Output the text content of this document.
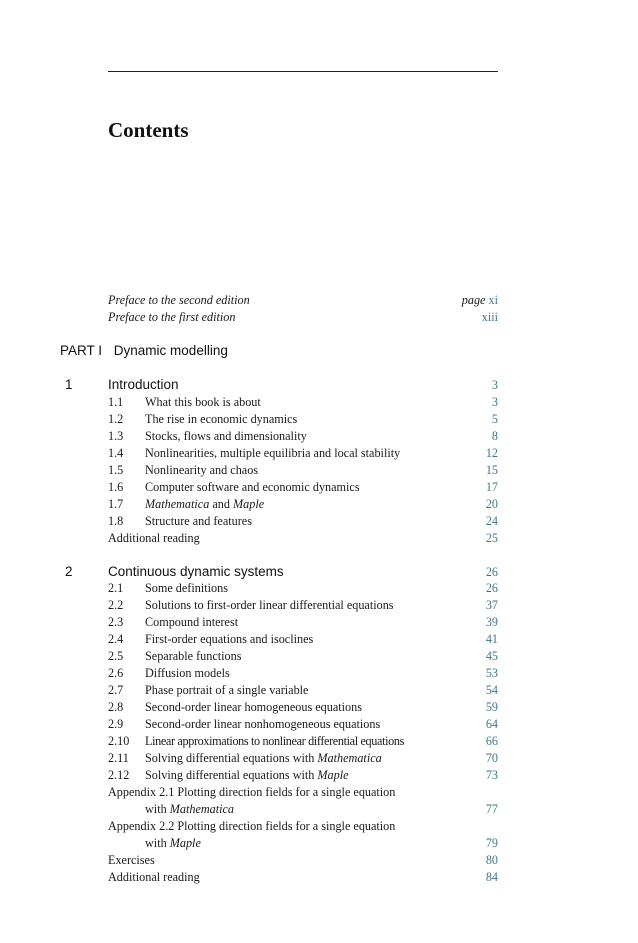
Contents
Preface to the second edition	page xi
Preface to the first edition	xiii
PART I Dynamic modelling
1	Introduction	3
1.1 What this book is about	3
1.2 The rise in economic dynamics	5
1.3 Stocks, flows and dimensionality	8
1.4 Nonlinearities, multiple equilibria and local stability	12
1.5 Nonlinearity and chaos	15
1.6 Computer software and economic dynamics	17
1.7 Mathematica and Maple	20
1.8 Structure and features	24
Additional reading	25
2	Continuous dynamic systems	26
2.1 Some definitions	26
2.2 Solutions to first-order linear differential equations	37
2.3 Compound interest	39
2.4 First-order equations and isoclines	41
2.5 Separable functions	45
2.6 Diffusion models	53
2.7 Phase portrait of a single variable	54
2.8 Second-order linear homogeneous equations	59
2.9 Second-order linear nonhomogeneous equations	64
2.10 Linear approximations to nonlinear differential equations	66
2.11 Solving differential equations with Mathematica	70
2.12 Solving differential equations with Maple	73
Appendix 2.1 Plotting direction fields for a single equation
with Mathematica	77
Appendix 2.2 Plotting direction fields for a single equation
with Maple	79
Exercises	80
Additional reading	84
